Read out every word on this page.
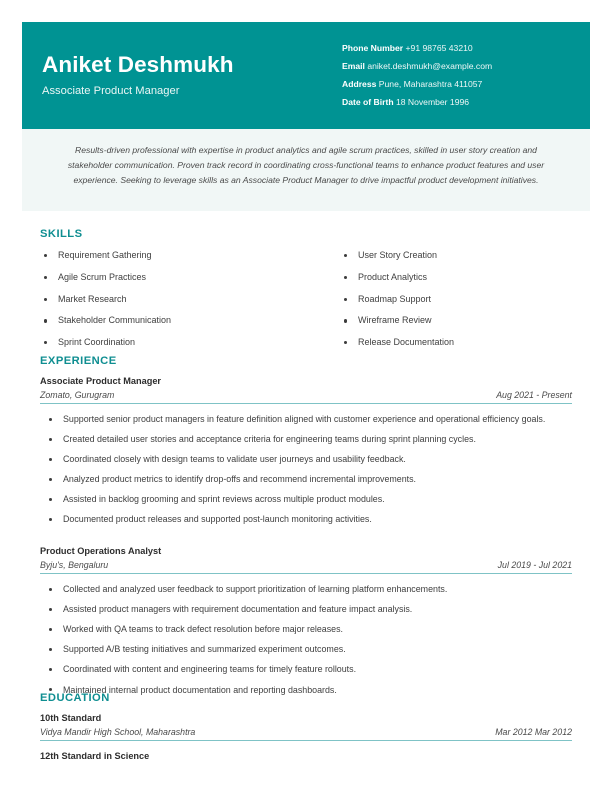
Aniket Deshmukh
Associate Product Manager
Phone Number +91 98765 43210
Email aniket.deshmukh@example.com
Address Pune, Maharashtra 411057
Date of Birth 18 November 1996

Results-driven professional with expertise in product analytics and agile scrum practices, skilled in user story creation and stakeholder communication. Proven track record in coordinating cross-functional teams to enhance product features and user experience. Seeking to leverage skills as an Associate Product Manager to drive impactful product development initiatives.

SKILLS
Requirement Gathering
Agile Scrum Practices
Market Research
Stakeholder Communication
Sprint Coordination
User Story Creation
Product Analytics
Roadmap Support
Wireframe Review
Release Documentation
EXPERIENCE
Associate Product Manager
Zomato, Gurugram	Aug 2021 - Present
Supported senior product managers in feature definition aligned with customer experience and operational efficiency goals.
Created detailed user stories and acceptance criteria for engineering teams during sprint planning cycles.
Coordinated closely with design teams to validate user journeys and usability feedback.
Analyzed product metrics to identify drop-offs and recommend incremental improvements.
Assisted in backlog grooming and sprint reviews across multiple product modules.
Documented product releases and supported post-launch monitoring activities.
Product Operations Analyst
Byju's, Bengaluru	Jul 2019 - Jul 2021
Collected and analyzed user feedback to support prioritization of learning platform enhancements.
Assisted product managers with requirement documentation and feature impact analysis.
Worked with QA teams to track defect resolution before major releases.
Supported A/B testing initiatives and summarized experiment outcomes.
Coordinated with content and engineering teams for timely feature rollouts.
Maintained internal product documentation and reporting dashboards.
EDUCATION
10th Standard
Vidya Mandir High School, Maharashtra	Mar 2012 Mar 2012
12th Standard in Science
